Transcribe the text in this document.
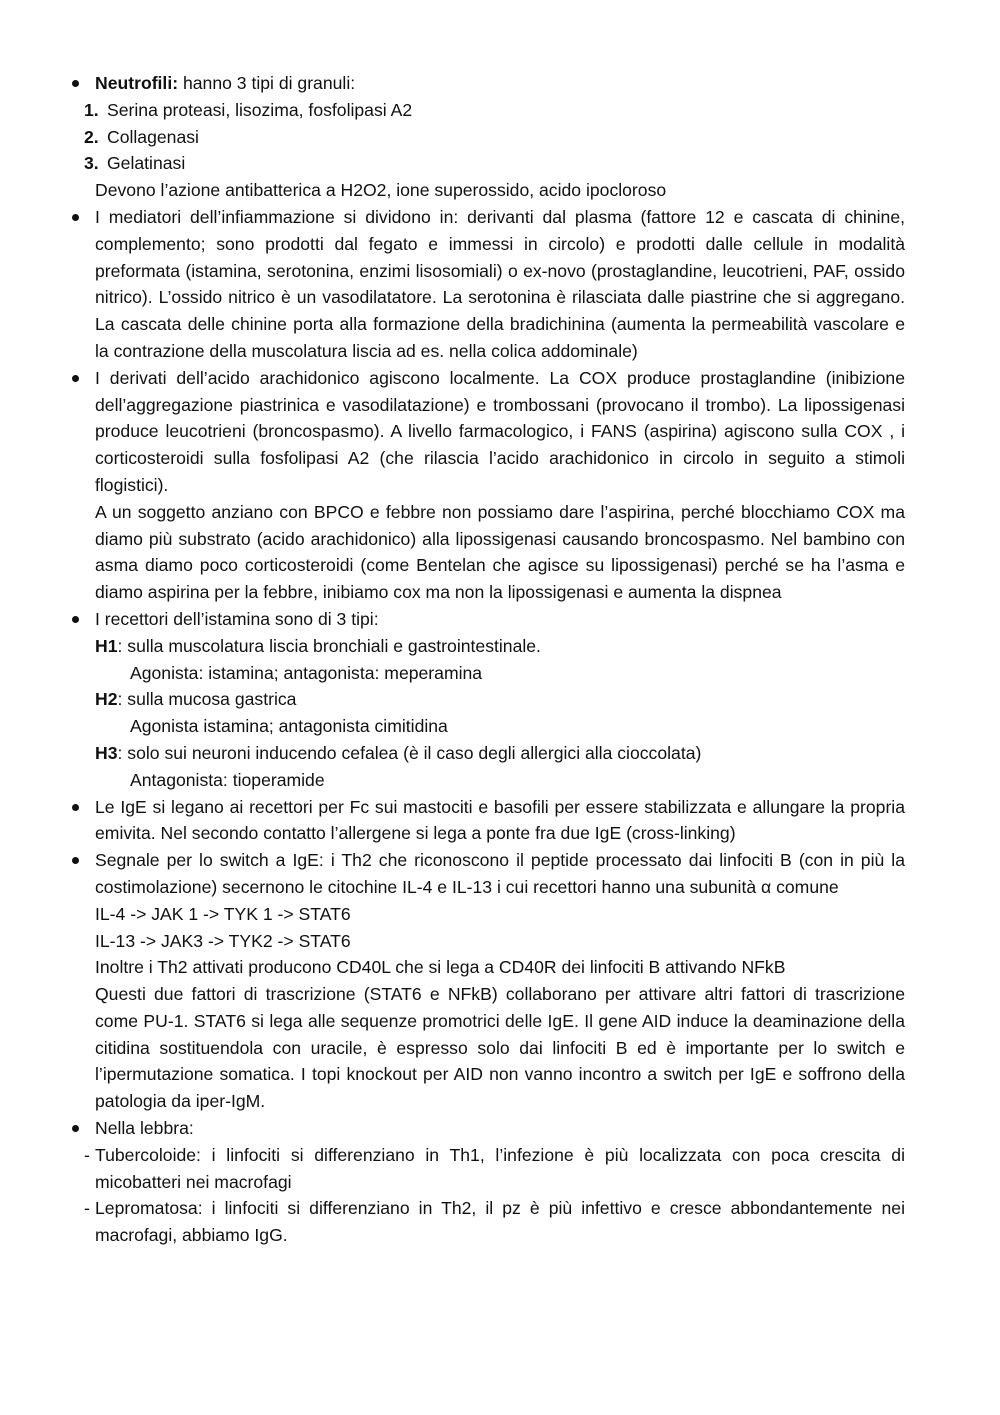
Neutrofili: hanno 3 tipi di granuli:
1. Serina proteasi, lisozima, fosfolipasi A2
2. Collagenasi
3. Gelatinasi
Devono l’azione antibatterica a H2O2, ione superossido, acido ipocloroso
I mediatori dell’infiammazione si dividono in: derivanti dal plasma (fattore 12 e cascata di chinine, complemento; sono prodotti dal fegato e immessi in circolo) e prodotti dalle cellule in modalità preformata (istamina, serotonina, enzimi lisosomiali) o ex-novo (prostaglandine, leucotrieni, PAF, ossido nitrico). L’ossido nitrico è un vasodilatatore. La serotonina è rilasciata dalle piastrine che si aggregano. La cascata delle chinine porta alla formazione della bradichinina (aumenta la permeabilità vascolare e la contrazione della muscolatura liscia ad es. nella colica addominale)
I derivati dell’acido arachidonico agiscono localmente. La COX produce prostaglandine (inibizione dell’aggregazione piastrinica e vasodilatazione) e trombossani (provocano il trombo). La lipossigenasi produce leucotrieni (broncospasmo). A livello farmacologico, i FANS (aspirina) agiscono sulla COX , i corticosteroidi sulla fosfolipasi A2 (che rilascia l’acido arachidonico in circolo in seguito a stimoli flogistici).
A un soggetto anziano con BPCO e febbre non possiamo dare l’aspirina, perché blocchiamo COX ma diamo più substrato (acido arachidonico) alla lipossigenasi causando broncospasmo. Nel bambino con asma diamo poco corticosteroidi (come Bentelan che agisce su lipossigenasi) perché se ha l’asma e diamo aspirina per la febbre, inibiamo cox ma non la lipossigenasi e aumenta la dispnea
I recettori dell’istamina sono di 3 tipi:
H1: sulla muscolatura liscia bronchiali e gastrointestinale.
Agonista: istamina; antagonista: meperamina
H2: sulla mucosa gastrica
Agonista istamina; antagonista cimitidina
H3: solo sui neuroni inducendo cefalea (è il caso degli allergici alla cioccolata)
Antagonista: tioperamide
Le IgE si legano ai recettori per Fc sui mastociti e basofili per essere stabilizzata e allungare la propria emivita. Nel secondo contatto l’allergene si lega a ponte fra due IgE (cross-linking)
Segnale per lo switch a IgE: i Th2 che riconoscono il peptide processato dai linfociti B (con in più la costimolazione) secernono le citochine IL-4 e IL-13 i cui recettori hanno una subunità α comune
IL-4 -> JAK 1 -> TYK 1 -> STAT6
IL-13 -> JAK3 -> TYK2 -> STAT6
Inoltre i Th2 attivati producono CD40L che si lega a CD40R dei linfociti B attivando NFkB
Questi due fattori di trascrizione (STAT6 e NFkB) collaborano per attivare altri fattori di trascrizione come PU-1. STAT6 si lega alle sequenze promotrici delle IgE. Il gene AID induce la deaminazione della citidina sostituendola con uracile, è espresso solo dai linfociti B ed è importante per lo switch e l’ipermutazione somatica. I topi knockout per AID non vanno incontro a switch per IgE e soffrono della patologia da iper-IgM.
Nella lebbra:
- Tubercoloide: i linfociti si differenziano in Th1, l’infezione è più localizzata con poca crescita di micobatteri nei macrofagi
- Lepromatosa: i linfociti si differenziano in Th2, il pz è più infettivo e cresce abbondantemente nei macrofagi, abbiamo IgG.
